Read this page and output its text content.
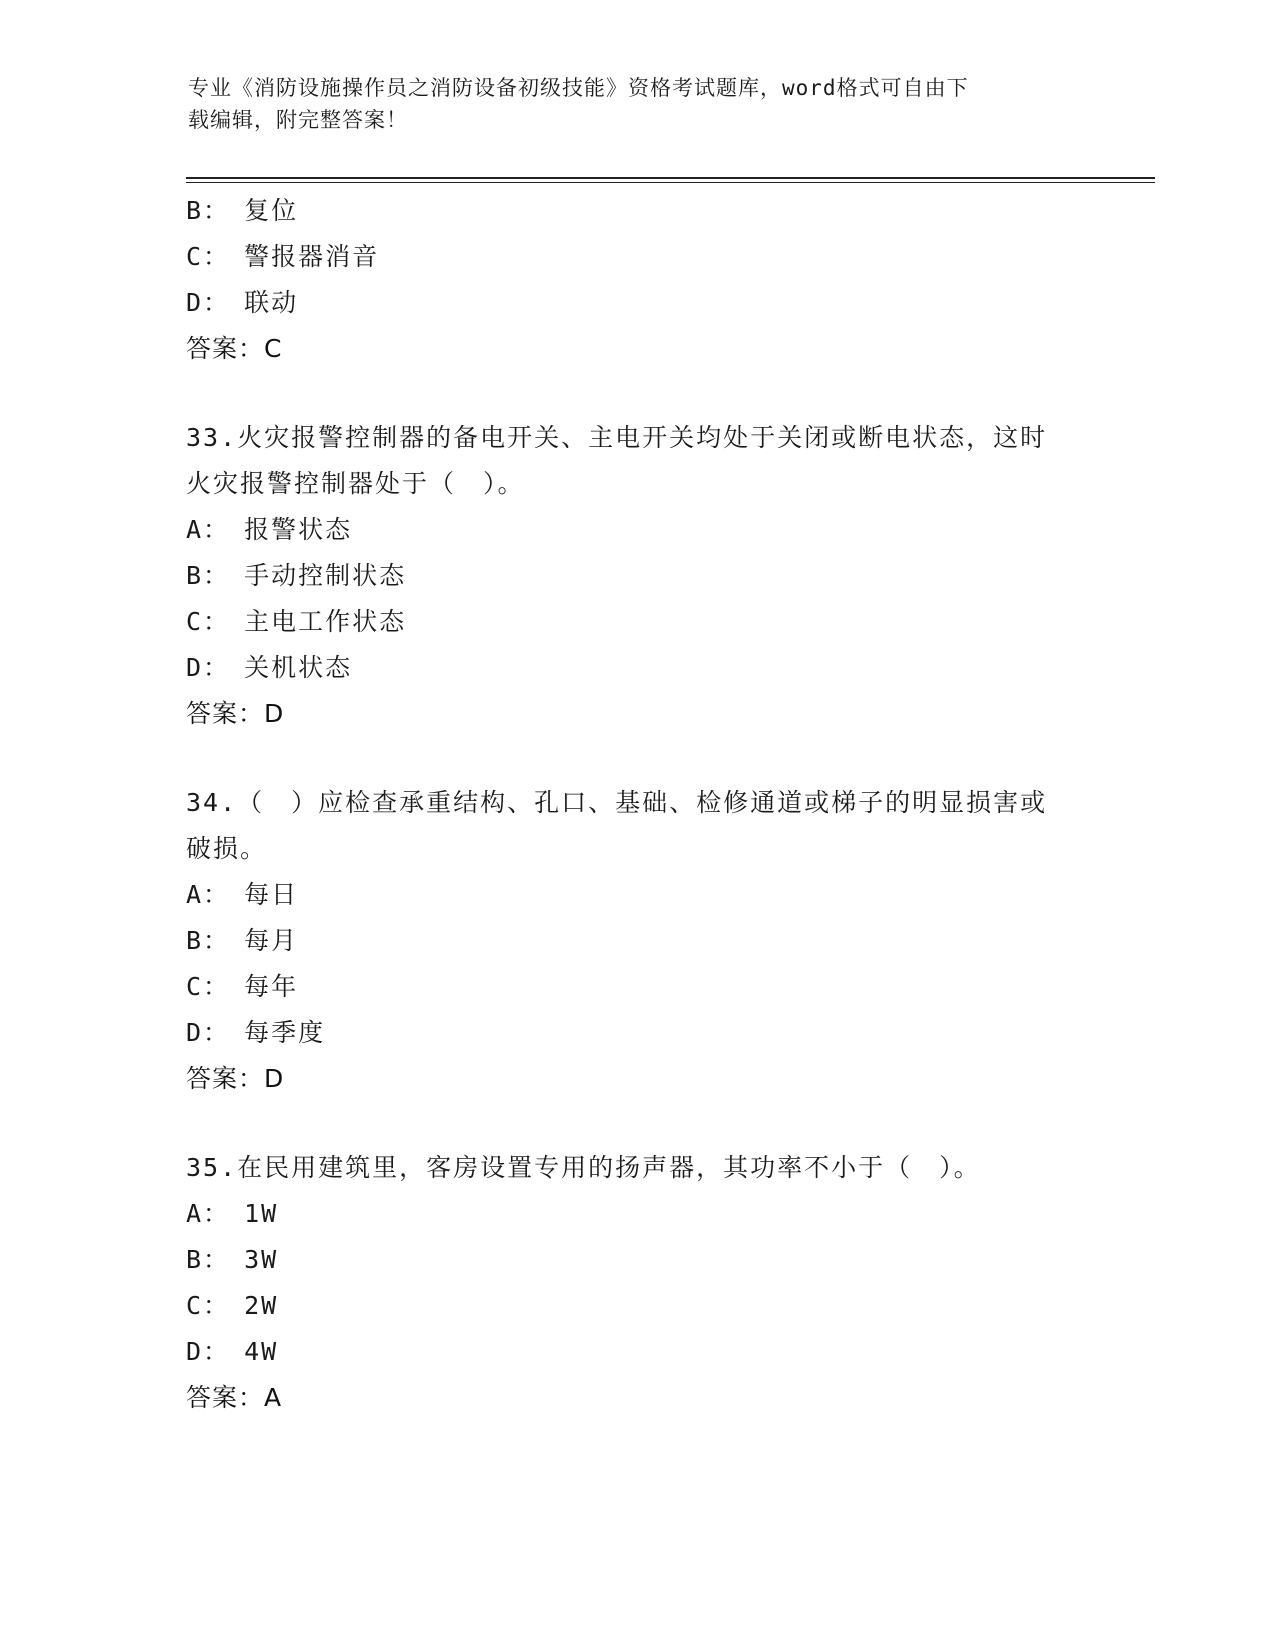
专业《消防设施操作员之消防设备初级技能》资格考试题库，word格式可自由下
载编辑，附完整答案！
B： 复位
C： 警报器消音
D： 联动
答案：C
33.火灾报警控制器的备电开关、主电开关均处于关闭或断电状态，这时火灾报警控制器处于（　）。
A： 报警状态
B： 手动控制状态
C： 主电工作状态
D： 关机状态
答案：D
34.（　）应检查承重结构、孔口、基础、检修通道或梯子的明显损害或破损。
A： 每日
B： 每月
C： 每年
D： 每季度
答案：D
35.在民用建筑里，客房设置专用的扬声器，其功率不小于（　）。
A： 1W
B： 3W
C： 2W
D： 4W
答案：A
